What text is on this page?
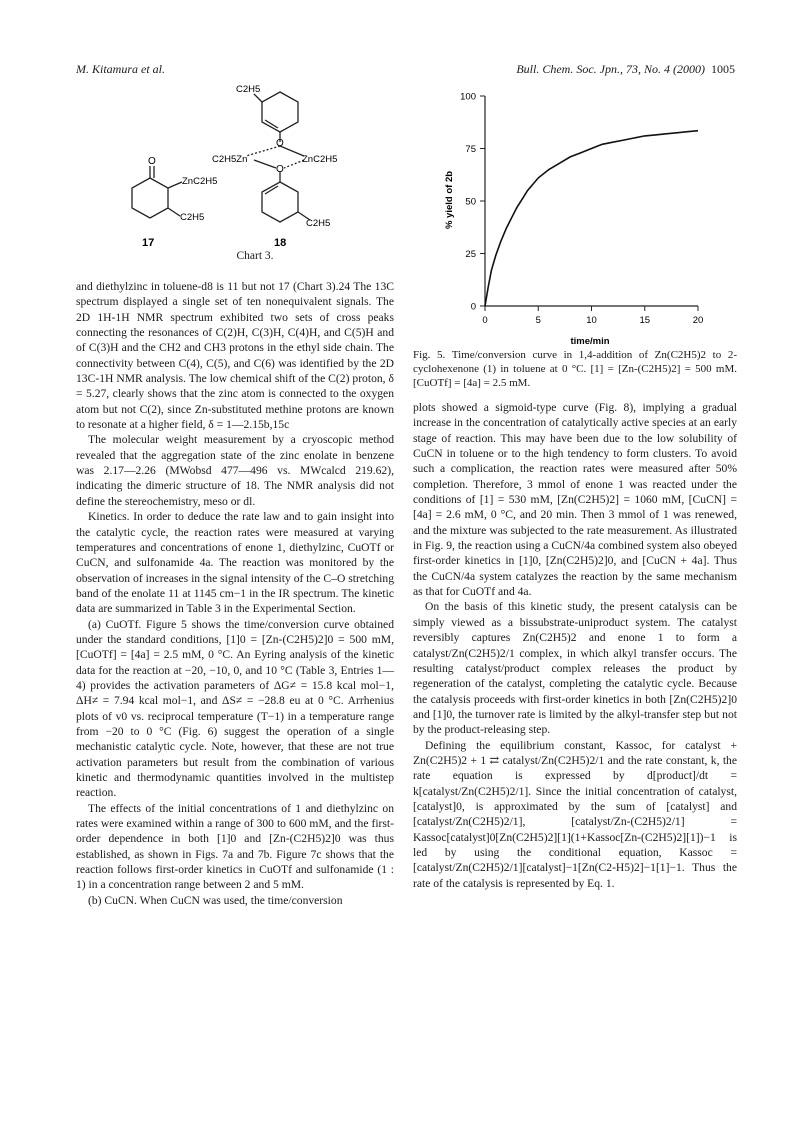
M. Kitamura et al.	Bull. Chem. Soc. Jpn., 73, No. 4 (2000) 1005
O
ZnC2H5
C2H5
C2H5
O
O
C2H5Zn	ZnC2H5
C2H5
17	18
Chart 3.
0
25
50
75
100
0	5	10	15	20
% yield of 2b
time/min
Fig. 5. Time/conversion curve in 1,4-addition of Zn(C2H5)2 to 2-cyclohexenone (1) in toluene at 0 °C. [1] = [Zn-(C2H5)2] = 500 mM. [CuOTf] = [4a] = 2.5 mM.

and diethylzinc in toluene-d8 is 11 but not 17 (Chart 3).24 The 13C spectrum displayed a single set of ten nonequivalent signals. The 2D 1H-1H NMR spectrum exhibited two sets of cross peaks connecting the resonances of C(2)H, C(3)H, C(4)H, and C(5)H and of C(3)H and the CH2 and CH3 protons in the ethyl side chain. The connectivity between C(4), C(5), and C(6) was identified by the 2D 13C-1H NMR analysis. The low chemical shift of the C(2) proton, δ = 5.27, clearly shows that the zinc atom is connected to the oxygen atom but not C(2), since Zn-substituted methine protons are known to resonate at a higher field, δ = 1—2.15b,15c

The molecular weight measurement by a cryoscopic method revealed that the aggregation state of the zinc enolate in benzene was 2.17—2.26 (MWobsd 477—496 vs. MWcalcd 219.62), indicating the dimeric structure of 18. The NMR analysis did not define the stereochemistry, meso or dl.

Kinetics. In order to deduce the rate law and to gain insight into the catalytic cycle, the reaction rates were measured at varying temperatures and concentrations of enone 1, diethylzinc, CuOTf or CuCN, and sulfonamide 4a. The reaction was monitored by the observation of increases in the signal intensity of the C–O stretching band of the enolate 11 at 1145 cm−1 in the IR spectrum. The kinetic data are summarized in Table 3 in the Experimental Section.

(a) CuOTf. Figure 5 shows the time/conversion curve obtained under the standard conditions, [1]0 = [Zn-(C2H5)2]0 = 500 mM, [CuOTf] = [4a] = 2.5 mM, 0 °C. An Eyring analysis of the kinetic data for the reaction at −20, −10, 0, and 10 °C (Table 3, Entries 1—4) provides the activation parameters of ΔG≠ = 15.8 kcal mol−1, ΔH≠ = 7.94 kcal mol−1, and ΔS≠ = −28.8 eu at 0 °C. Arrhenius plots of v0 vs. reciprocal temperature (T−1) in a temperature range from −20 to 0 °C (Fig. 6) suggest the operation of a single mechanistic catalytic cycle. Note, however, that these are not true activation parameters but result from the combination of various kinetic and thermodynamic quantities involved in the multistep reaction.

The effects of the initial concentrations of 1 and diethylzinc on rates were examined within a range of 300 to 600 mM, and the first-order dependence in both [1]0 and [Zn-(C2H5)2]0 was thus established, as shown in Figs. 7a and 7b. Figure 7c shows that the reaction follows first-order kinetics in CuOTf and sulfonamide (1 : 1) in a concentration range between 2 and 5 mM.

(b) CuCN. When CuCN was used, the time/conversion

plots showed a sigmoid-type curve (Fig. 8), implying a gradual increase in the concentration of catalytically active species at an early stage of reaction. This may have been due to the low solubility of CuCN in toluene or to the high tendency to form clusters. To avoid such a complication, the reaction rates were measured after 50% completion. Therefore, 3 mmol of enone 1 was reacted under the conditions of [1] = 530 mM, [Zn(C2H5)2] = 1060 mM, [CuCN] = [4a] = 2.6 mM, 0 °C, and 20 min. Then 3 mmol of 1 was renewed, and the mixture was subjected to the rate measurement. As illustrated in Fig. 9, the reaction using a CuCN/4a combined system also obeyed first-order kinetics in [1]0, [Zn(C2H5)2]0, and [CuCN + 4a]. Thus the CuCN/4a system catalyzes the reaction by the same mechanism as that for CuOTf and 4a.

On the basis of this kinetic study, the present catalysis can be simply viewed as a bissubstrate-uniproduct system. The catalyst reversibly captures Zn(C2H5)2 and enone 1 to form a catalyst/Zn(C2H5)2/1 complex, in which alkyl transfer occurs. The resulting catalyst/product complex releases the product by regeneration of the catalyst, completing the catalytic cycle. Because the catalysis proceeds with first-order kinetics in both [Zn(C2H5)2]0 and [1]0, the turnover rate is limited by the alkyl-transfer step but not by the product-releasing step.

Defining the equilibrium constant, Kassoc, for catalyst + Zn(C2H5)2 + 1 ⇄ catalyst/Zn(C2H5)2/1 and the rate constant, k, the rate equation is expressed by d[product]/dt = k[catalyst/Zn(C2H5)2/1]. Since the initial concentration of catalyst, [catalyst]0, is approximated by the sum of [catalyst] and [catalyst/Zn(C2H5)2/1], [catalyst/Zn-(C2H5)2/1] = Kassoc[catalyst]0[Zn(C2H5)2][1](1+Kassoc[Zn-(C2H5)2][1])−1 is led by using the conditional equation, Kassoc = [catalyst/Zn(C2H5)2/1][catalyst]−1[Zn(C2-H5)2]−1[1]−1. Thus the rate of the catalysis is represented by Eq. 1.
